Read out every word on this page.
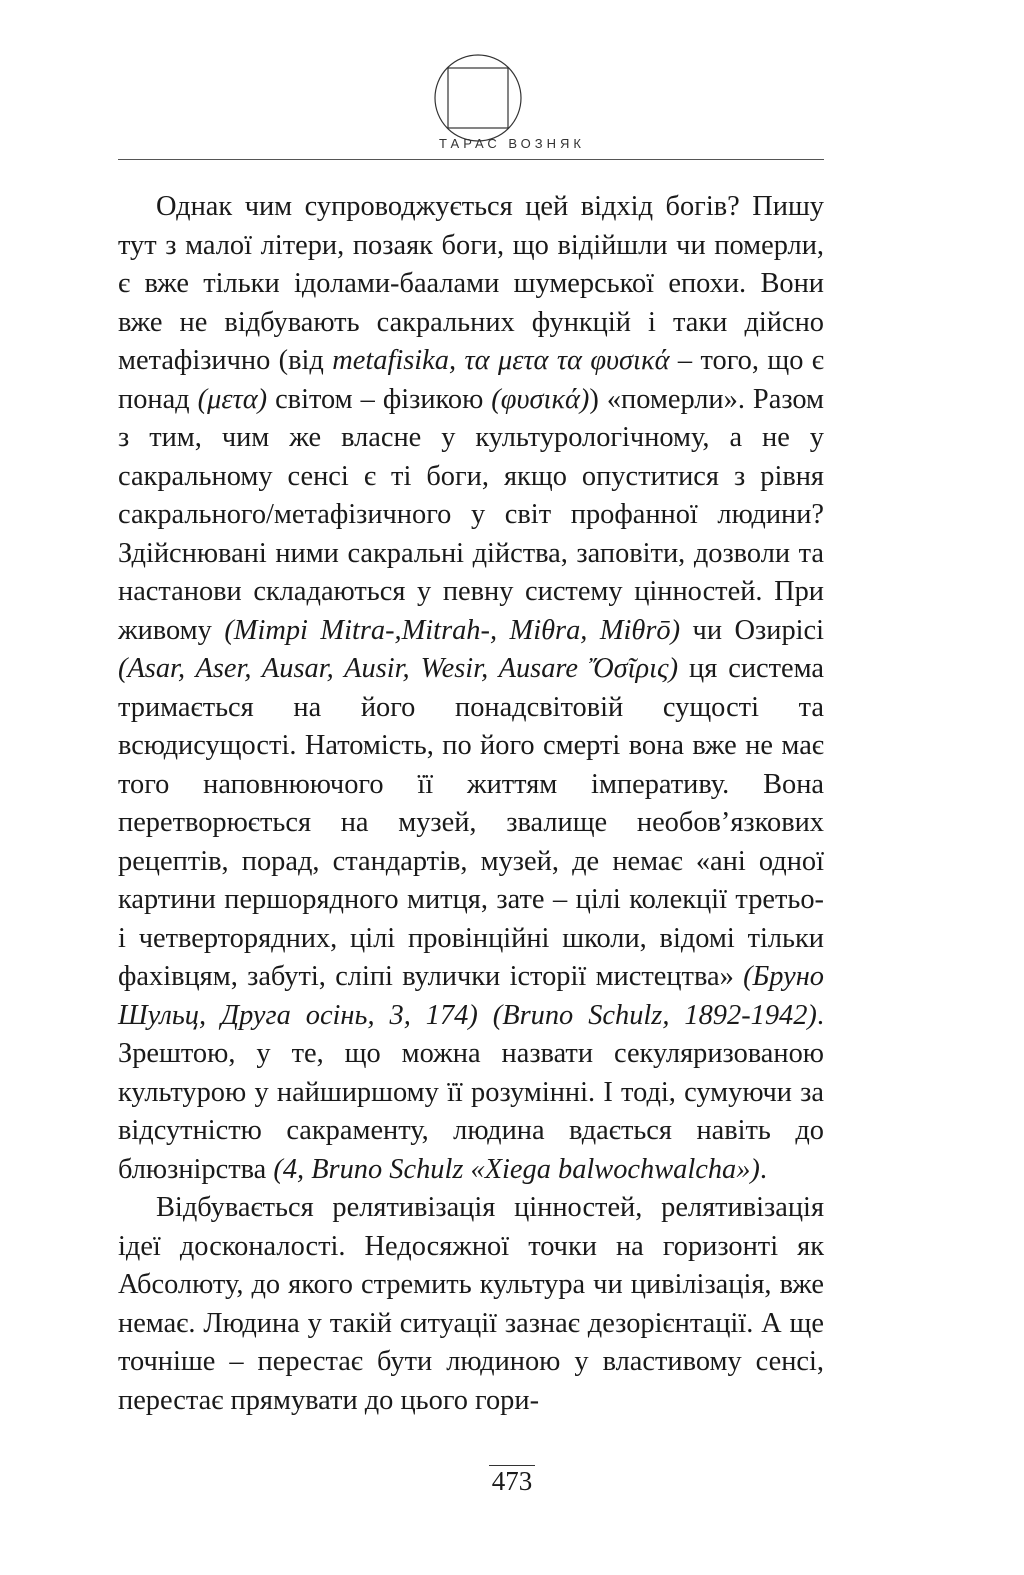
ТАРАС ВОЗНЯК

Однак чим супроводжується цей відхід богів? Пишу тут з малої літери, позаяк боги, що відійшли чи померли, є вже тільки ідолами-баалами шумерської епохи. Вони вже не відбувають сакральних функцій і таки дійсно метафізично (від metafisika, τα μετα τα φυσικά – того, що є понад (μετα) світом – фізикою (φυσικά)) «померли». Разом з тим, чим же власне у культурологічному, а не у сакральному сенсі є ті боги, якщо опуститися з рівня сакрального/метафізичного у світ профанної людини? Здійснювані ними сакральні дійства, заповіти, дозволи та настанови складаються у певну систему цінностей. При живому (Mimpi Mitra-,Mitrah-, Miθra, Miθrō) чи Озирісі (Asar, Aser, Ausar, Ausir, Wesir, Ausare Ὄσῖρις) ця система тримається на його понадсвітовій сущості та всюдисущості. Натомість, по його смерті вона вже не має того наповнюючого її життям імперативу. Вона перетворюється на музей, звалище необов’язкових рецептів, порад, стандартів, музей, де немає «ані одної картини першорядного митця, зате – цілі колекції третьо- і четверторядних, цілі провінційні школи, відомі тільки фахівцям, забуті, сліпі вулички історії мистецтва» (Бруно Шульц, Друга осінь, 3, 174) (Bruno Schulz, 1892-1942). Зрештою, у те, що можна назвати секуляризованою культурою у найширшому її розумінні. І тоді, сумуючи за відсутністю сакраменту, людина вдається навіть до блюзнірства (4, Bruno Schulz «Xiega balwochwalcha»).

Відбувається релятивізація цінностей, релятивізація ідеї досконалості. Недосяжної точки на горизонті як Абсолюту, до якого стремить культура чи цивілізація, вже немає. Людина у такій ситуації зазнає дезорієнтації. А ще точніше – перестає бути людиною у властивому сенсі, перестає прямувати до цього гори-

473
